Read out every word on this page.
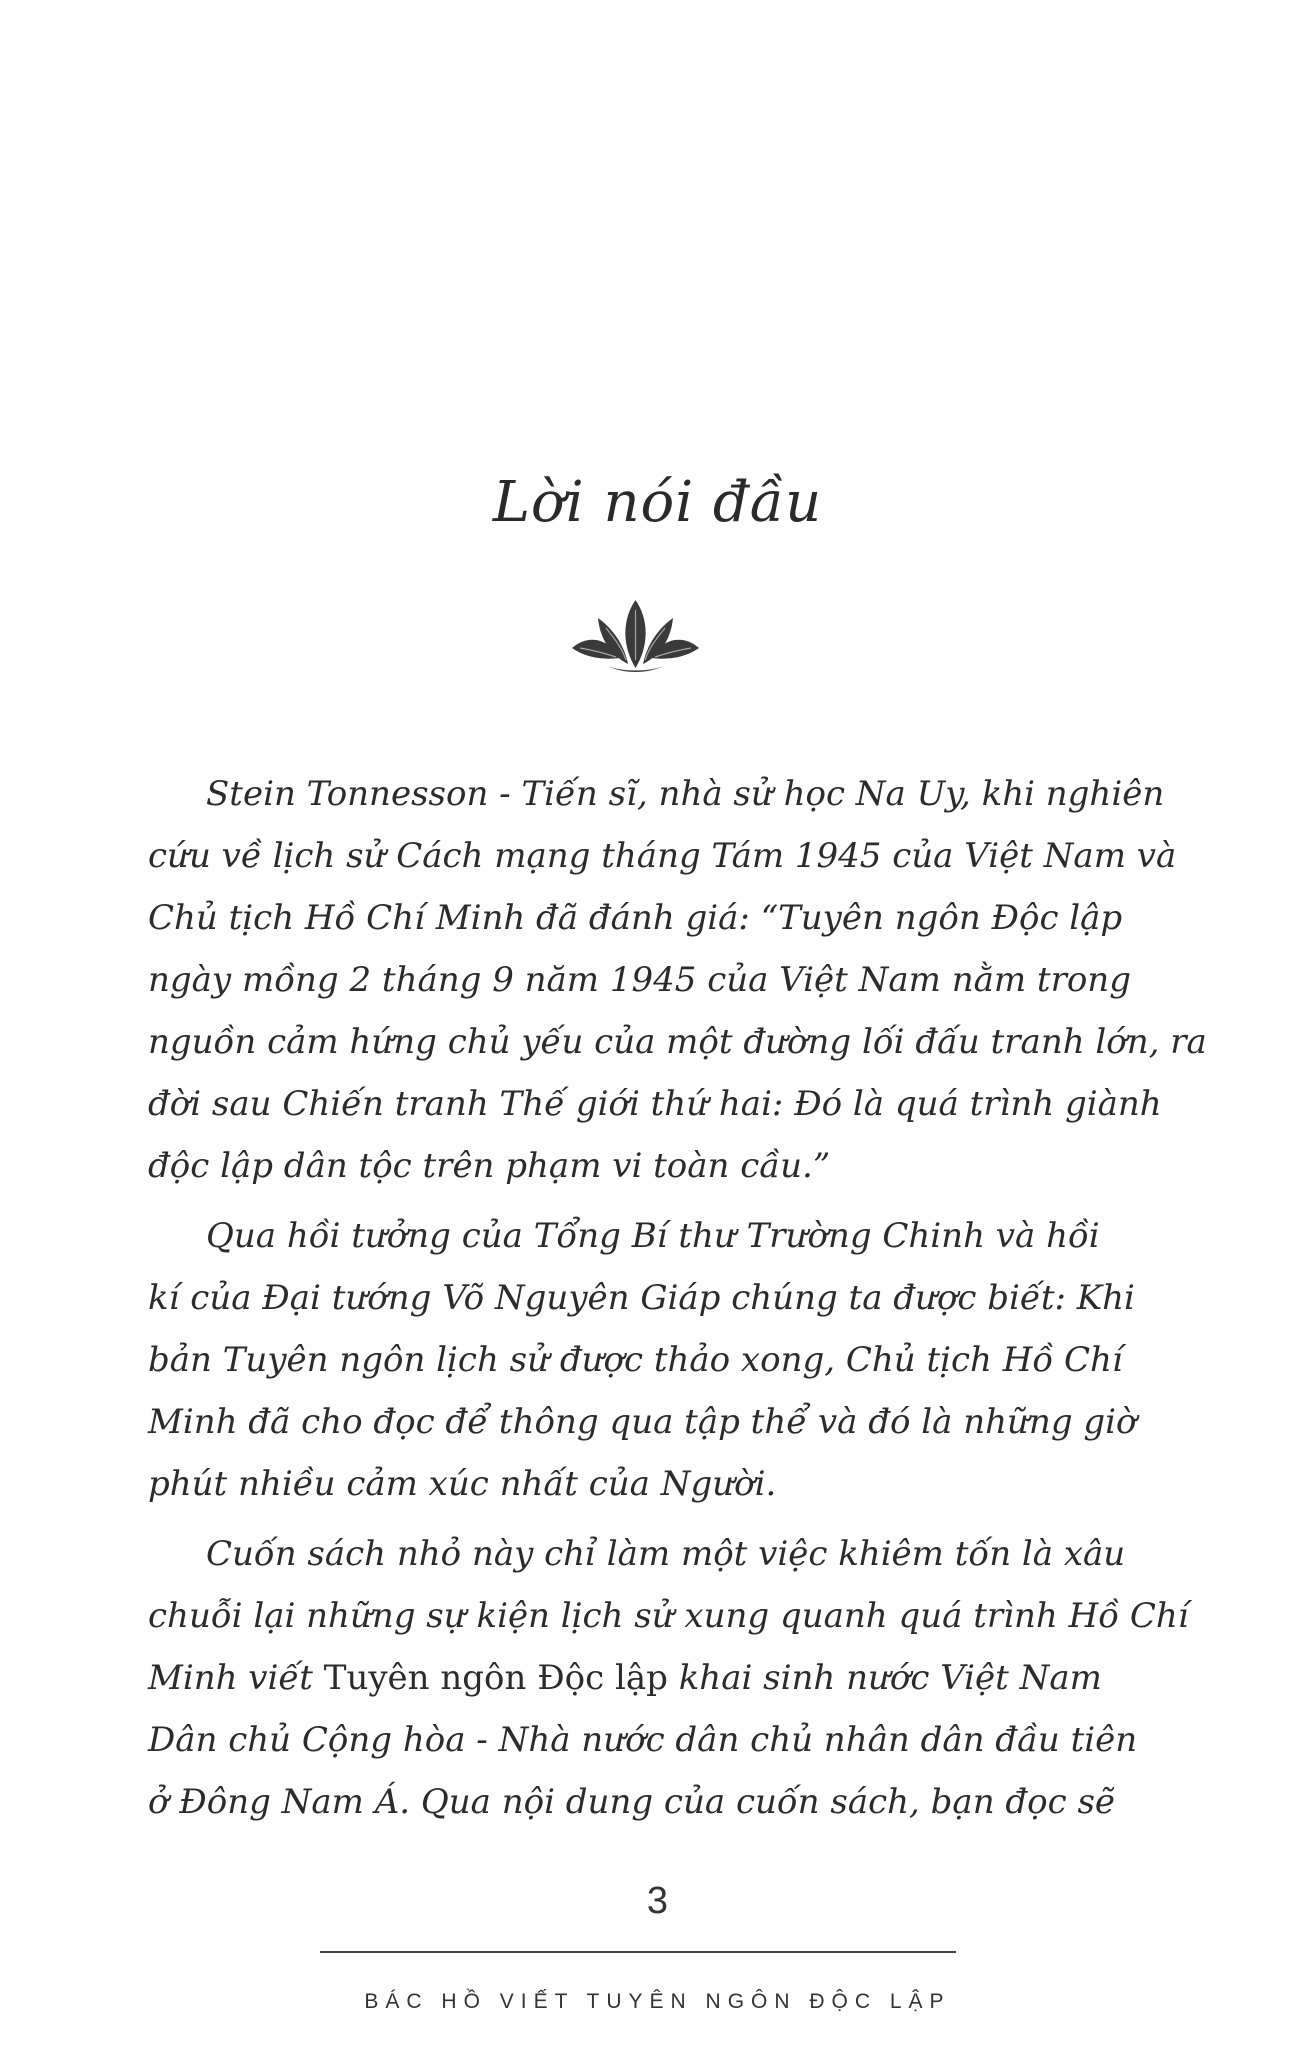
Lời nói đầu
Stein Tonnesson - Tiến sĩ, nhà sử học Na Uy, khi nghiên
cứu về lịch sử Cách mạng tháng Tám 1945 của Việt Nam và
Chủ tịch Hồ Chí Minh đã đánh giá: “Tuyên ngôn Độc lập
ngày mồng 2 tháng 9 năm 1945 của Việt Nam nằm trong
nguồn cảm hứng chủ yếu của một đường lối đấu tranh lớn, ra
đời sau Chiến tranh Thế giới thứ hai: Đó là quá trình giành
độc lập dân tộc trên phạm vi toàn cầu.”
Qua hồi tưởng của Tổng Bí thư Trường Chinh và hồi
kí của Đại tướng Võ Nguyên Giáp chúng ta được biết: Khi
bản Tuyên ngôn lịch sử được thảo xong, Chủ tịch Hồ Chí
Minh đã cho đọc để thông qua tập thể và đó là những giờ
phút nhiều cảm xúc nhất của Người.
Cuốn sách nhỏ này chỉ làm một việc khiêm tốn là xâu
chuỗi lại những sự kiện lịch sử xung quanh quá trình Hồ Chí
Minh viết Tuyên ngôn Độc lập khai sinh nước Việt Nam
Dân chủ Cộng hòa - Nhà nước dân chủ nhân dân đầu tiên
ở Đông Nam Á. Qua nội dung của cuốn sách, bạn đọc sẽ
3
BÁC HỒ VIẾT TUYÊN NGÔN ĐỘC LẬP
